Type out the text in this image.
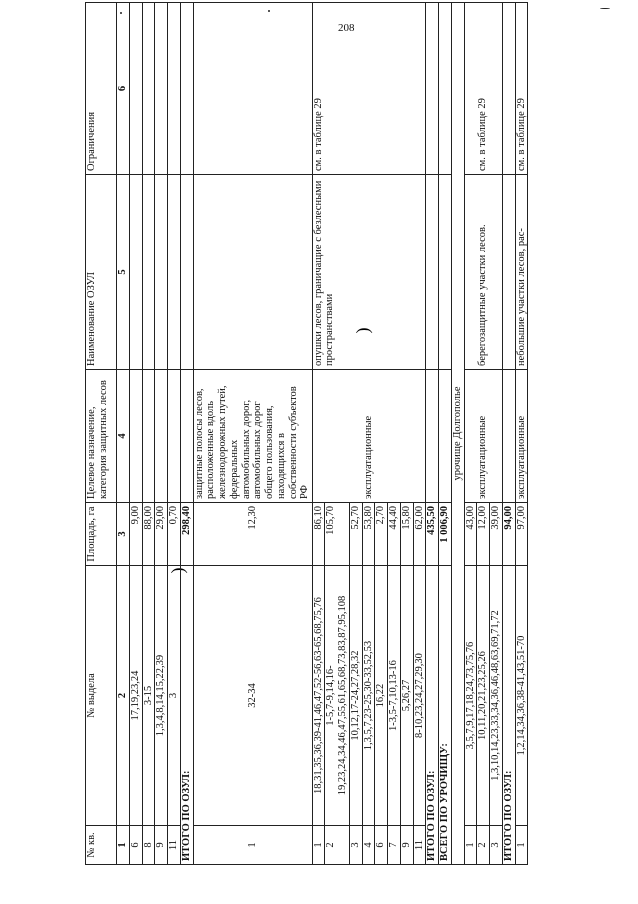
208
)
)
№ кв.	№ выдела	Площадь, га	Целевое назначение, категория защитных лесов	Наименование ОЗУЛ	Ограничения
1	2	3	4	5	6
6	17,19,23,24	9,00			
8	3-15	88,00			
9	1,3,4,8,14,15,22,39	29,00			
11	3	0,70			
ИТОГО ПО ОЗУЛ:		298,40			
1	32-34	12,30	защитные полосы лесов, расположенные вдоль железнодорожных путей, федеральных автомобильных дорог, автомобильных дорог общего пользования, находящихся в собственности субъектов РФ		
1	18,31,35,36,39-41,46,47,52-56,63-65,68,75,76	86,10	эксплуатационные	опушки лесов, граничащие с безлесными пространствами	см. в таблице 29
2	1-5,7-9,14,16-19,23,24,34,46,47,55,61,65,68,73,83,87,95,108	105,70			
3	10,12,17-24,27,28,32	52,70			
4	1,3,5,7,23-25,30-33,52,53	53,80			
6	16,22	2,70			
7	1-3,5-7,10,13-16	44,40			
9	5,26,27	15,80			
11	8-10,23,24,27,29,30	62,00			
ИТОГО ПО ОЗУЛ:		435,50			
ВСЕГО ПО УРОЧИЩУ:		1 006,90			
урочище Долгополье					
1	3,5,7,9,17,18,24,73,75,76	43,00	эксплуатационные	берегозащитные участки лесов.	см. в таблице 29
2	10,11,20,21,23,25,26	12,00			
3	1,3,10,14,23,33,34,36,46,48,63,69,71,72	39,00			
ИТОГО ПО ОЗУЛ:		94,00			
1	1,2,14,34,36,38-41,43,51-70	97,00	эксплуатационные	небольшие участки лесов, рас-	см. в таблице 29
